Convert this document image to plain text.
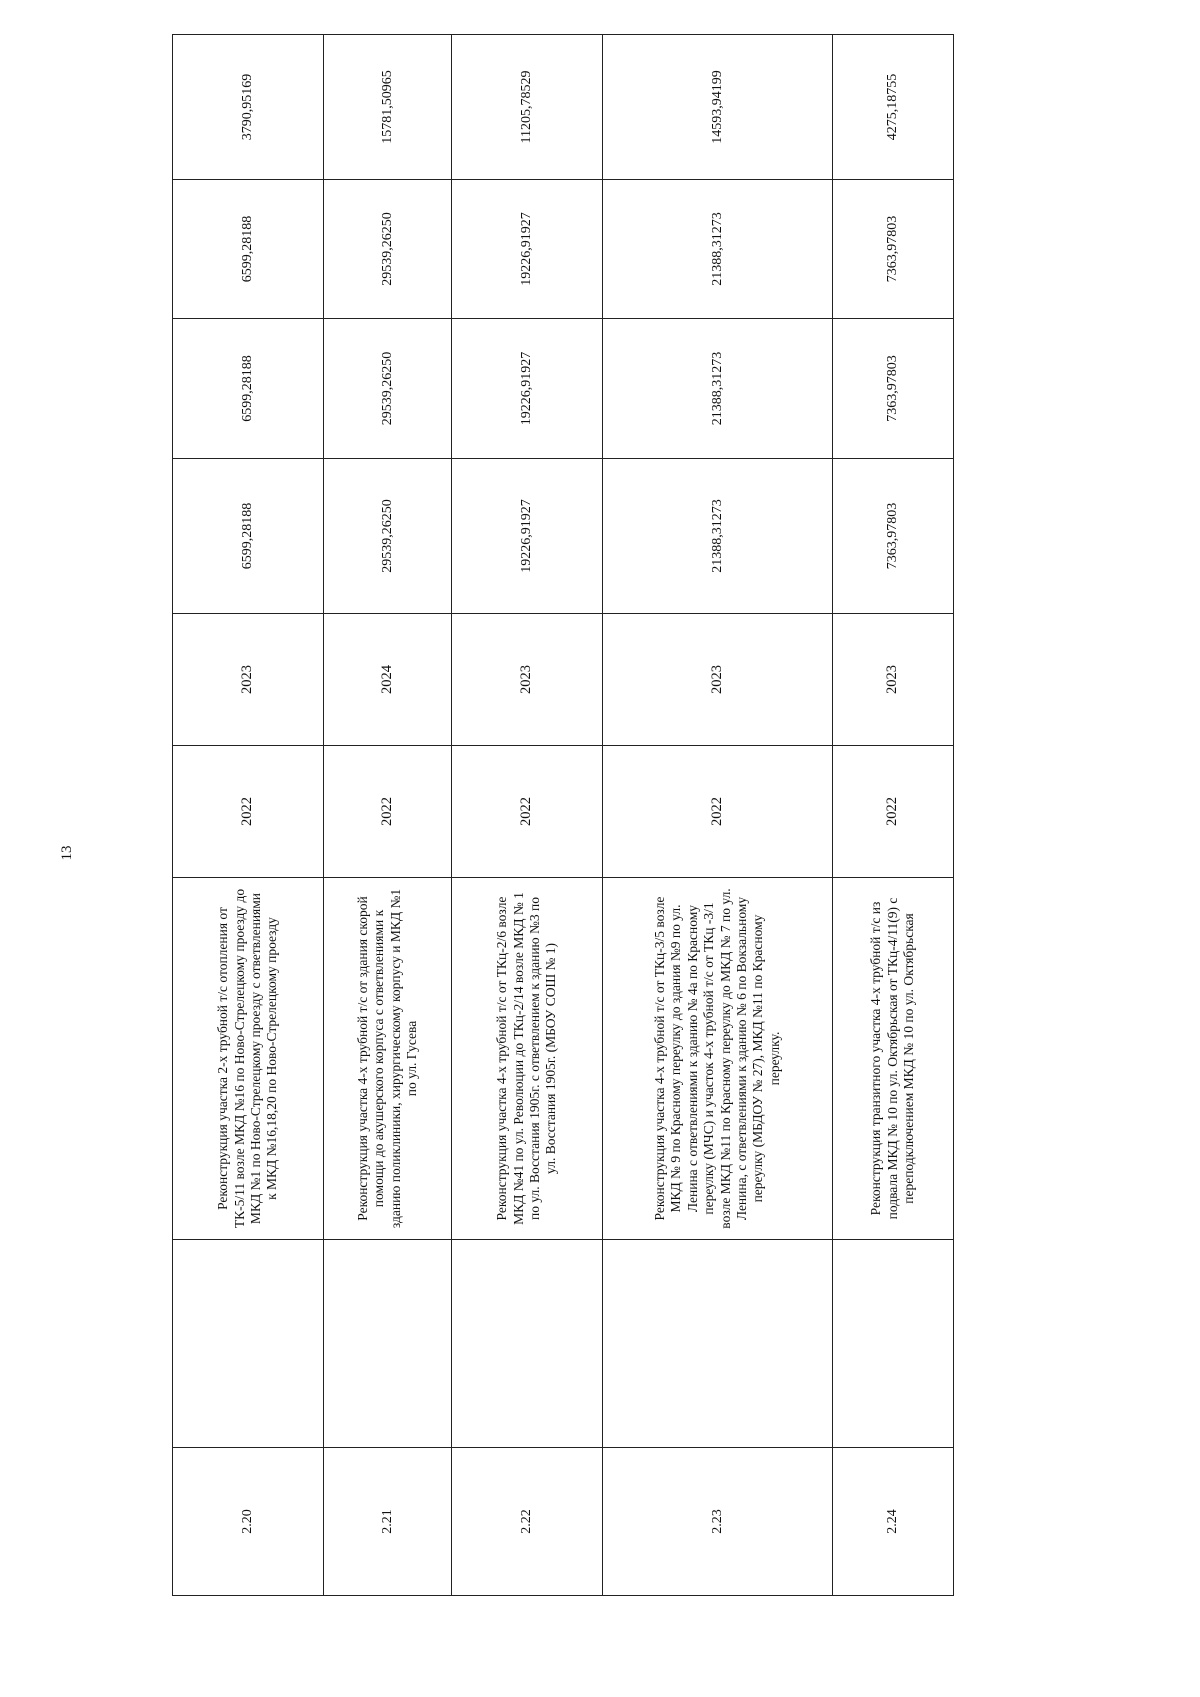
13
2.20		Реконструкция участка 2-х трубной т/с отопления от ТК-5/11 возле МКД №16 по Ново-Стрелецкому проезду до МКД №1 по Ново-Стрелецкому проезду с ответвлениями к МКД №16,18,20 по Ново-Стрелецкому проезду	2022	2023	6599,28188	6599,28188	6599,28188	3790,95169
2.21		Реконструкция участка 4-х трубной т/с от здания скорой помощи до акушерского корпуса с ответвлениями к зданию поликлиники, хирургическому корпусу и МКД №1 по ул. Гусева	2022	2024	29539,26250	29539,26250	29539,26250	15781,50965
2.22		Реконструкция участка 4-х трубной т/с от ТКц-2/6 возле МКД №41 по ул. Революции до ТКц-2/14 возле МКД № 1 по ул. Восстания 1905г. с ответвлением к зданию №3 по ул. Восстания 1905г. (МБОУ СОШ № 1)	2022	2023	19226,91927	19226,91927	19226,91927	11205,78529
2.23		Реконструкция участка 4-х трубной т/с от ТКц-3/5 возле МКД № 9 по Красному переулку до здания №9 по ул. Ленина с ответвлениями к зданию № 4а по Красному переулку (МЧС) и участок 4-х трубной т/с от ТКц -3/1 возле МКД №11 по Красному переулку до МКД № 7 по ул. Ленина, с ответвлениями к зданию № 6 по Вокзальному переулку (МБДОУ № 27), МКД №11 по Красному переулку.	2022	2023	21388,31273	21388,31273	21388,31273	14593,94199
2.24		Реконструкция транзитного участка 4-х трубной т/с из подвала МКД № 10 по ул. Октябрьская от ТКц-4/11(9) с переподключением МКД № 10 по ул. Октябрьская	2022	2023	7363,97803	7363,97803	7363,97803	4275,18755
